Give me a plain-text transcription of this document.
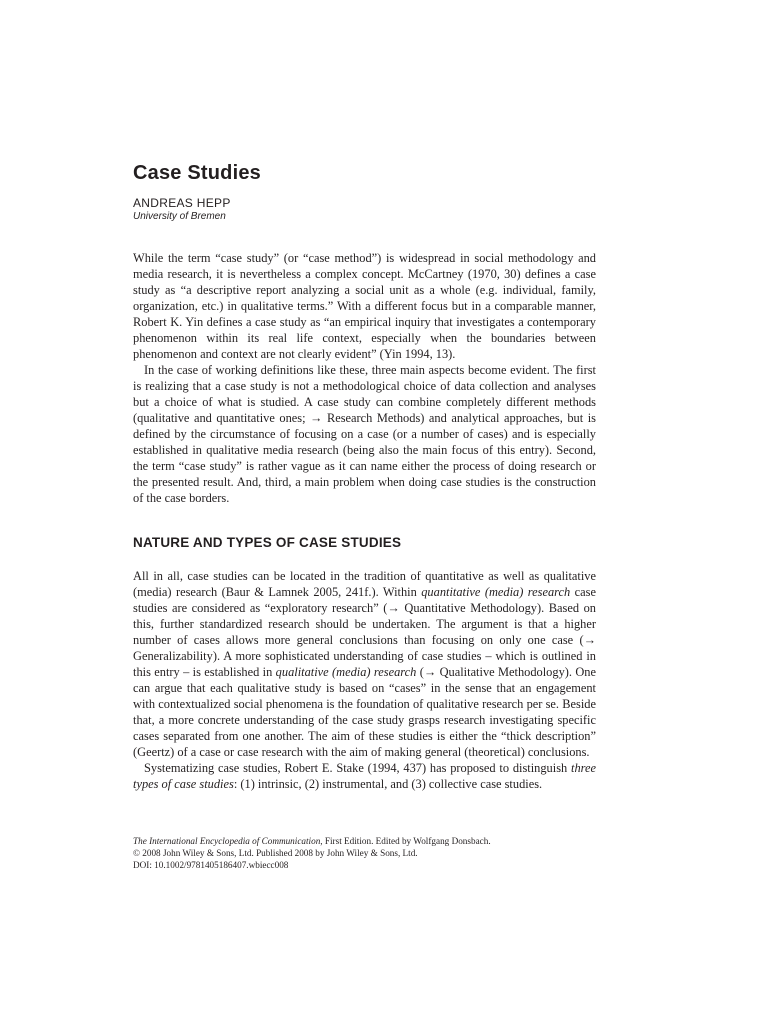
Case Studies
ANDREAS HEPP
University of Bremen

While the term “case study” (or “case method”) is widespread in social methodology and media research, it is nevertheless a complex concept. McCartney (1970, 30) defines a case study as “a descriptive report analyzing a social unit as a whole (e.g. individual, family, organization, etc.) in qualitative terms.” With a different focus but in a comparable manner, Robert K. Yin defines a case study as “an empirical inquiry that investigates a contemporary phenomenon within its real life context, especially when the boundaries between phenomenon and context are not clearly evident” (Yin 1994, 13).

In the case of working definitions like these, three main aspects become evident. The first is realizing that a case study is not a methodological choice of data collection and analyses but a choice of what is studied. A case study can combine completely different methods (qualitative and quantitative ones; → Research Methods) and analytical approaches, but is defined by the circumstance of focusing on a case (or a number of cases) and is especially established in qualitative media research (being also the main focus of this entry). Second, the term “case study” is rather vague as it can name either the process of doing research or the presented result. And, third, a main problem when doing case studies is the construction of the case borders.

NATURE AND TYPES OF CASE STUDIES

All in all, case studies can be located in the tradition of quantitative as well as qualitative (media) research (Baur & Lamnek 2005, 241f.). Within quantitative (media) research case studies are considered as “exploratory research” (→ Quantitative Methodology). Based on this, further standardized research should be undertaken. The argument is that a higher number of cases allows more general conclusions than focusing on only one case (→ Generalizability). A more sophisticated understanding of case studies – which is outlined in this entry – is established in qualitative (media) research (→ Qualitative Methodology). One can argue that each qualitative study is based on “cases” in the sense that an engagement with contextualized social phenomena is the foundation of qualitative research per se. Beside that, a more concrete understanding of the case study grasps research investigating specific cases separated from one another. The aim of these studies is either the “thick description” (Geertz) of a case or case research with the aim of making general (theoretical) conclusions.

Systematizing case studies, Robert E. Stake (1994, 437) has proposed to distinguish three types of case studies: (1) intrinsic, (2) instrumental, and (3) collective case studies.

The International Encyclopedia of Communication, First Edition. Edited by Wolfgang Donsbach.
© 2008 John Wiley & Sons, Ltd. Published 2008 by John Wiley & Sons, Ltd.
DOI: 10.1002/9781405186407.wbiecc008
